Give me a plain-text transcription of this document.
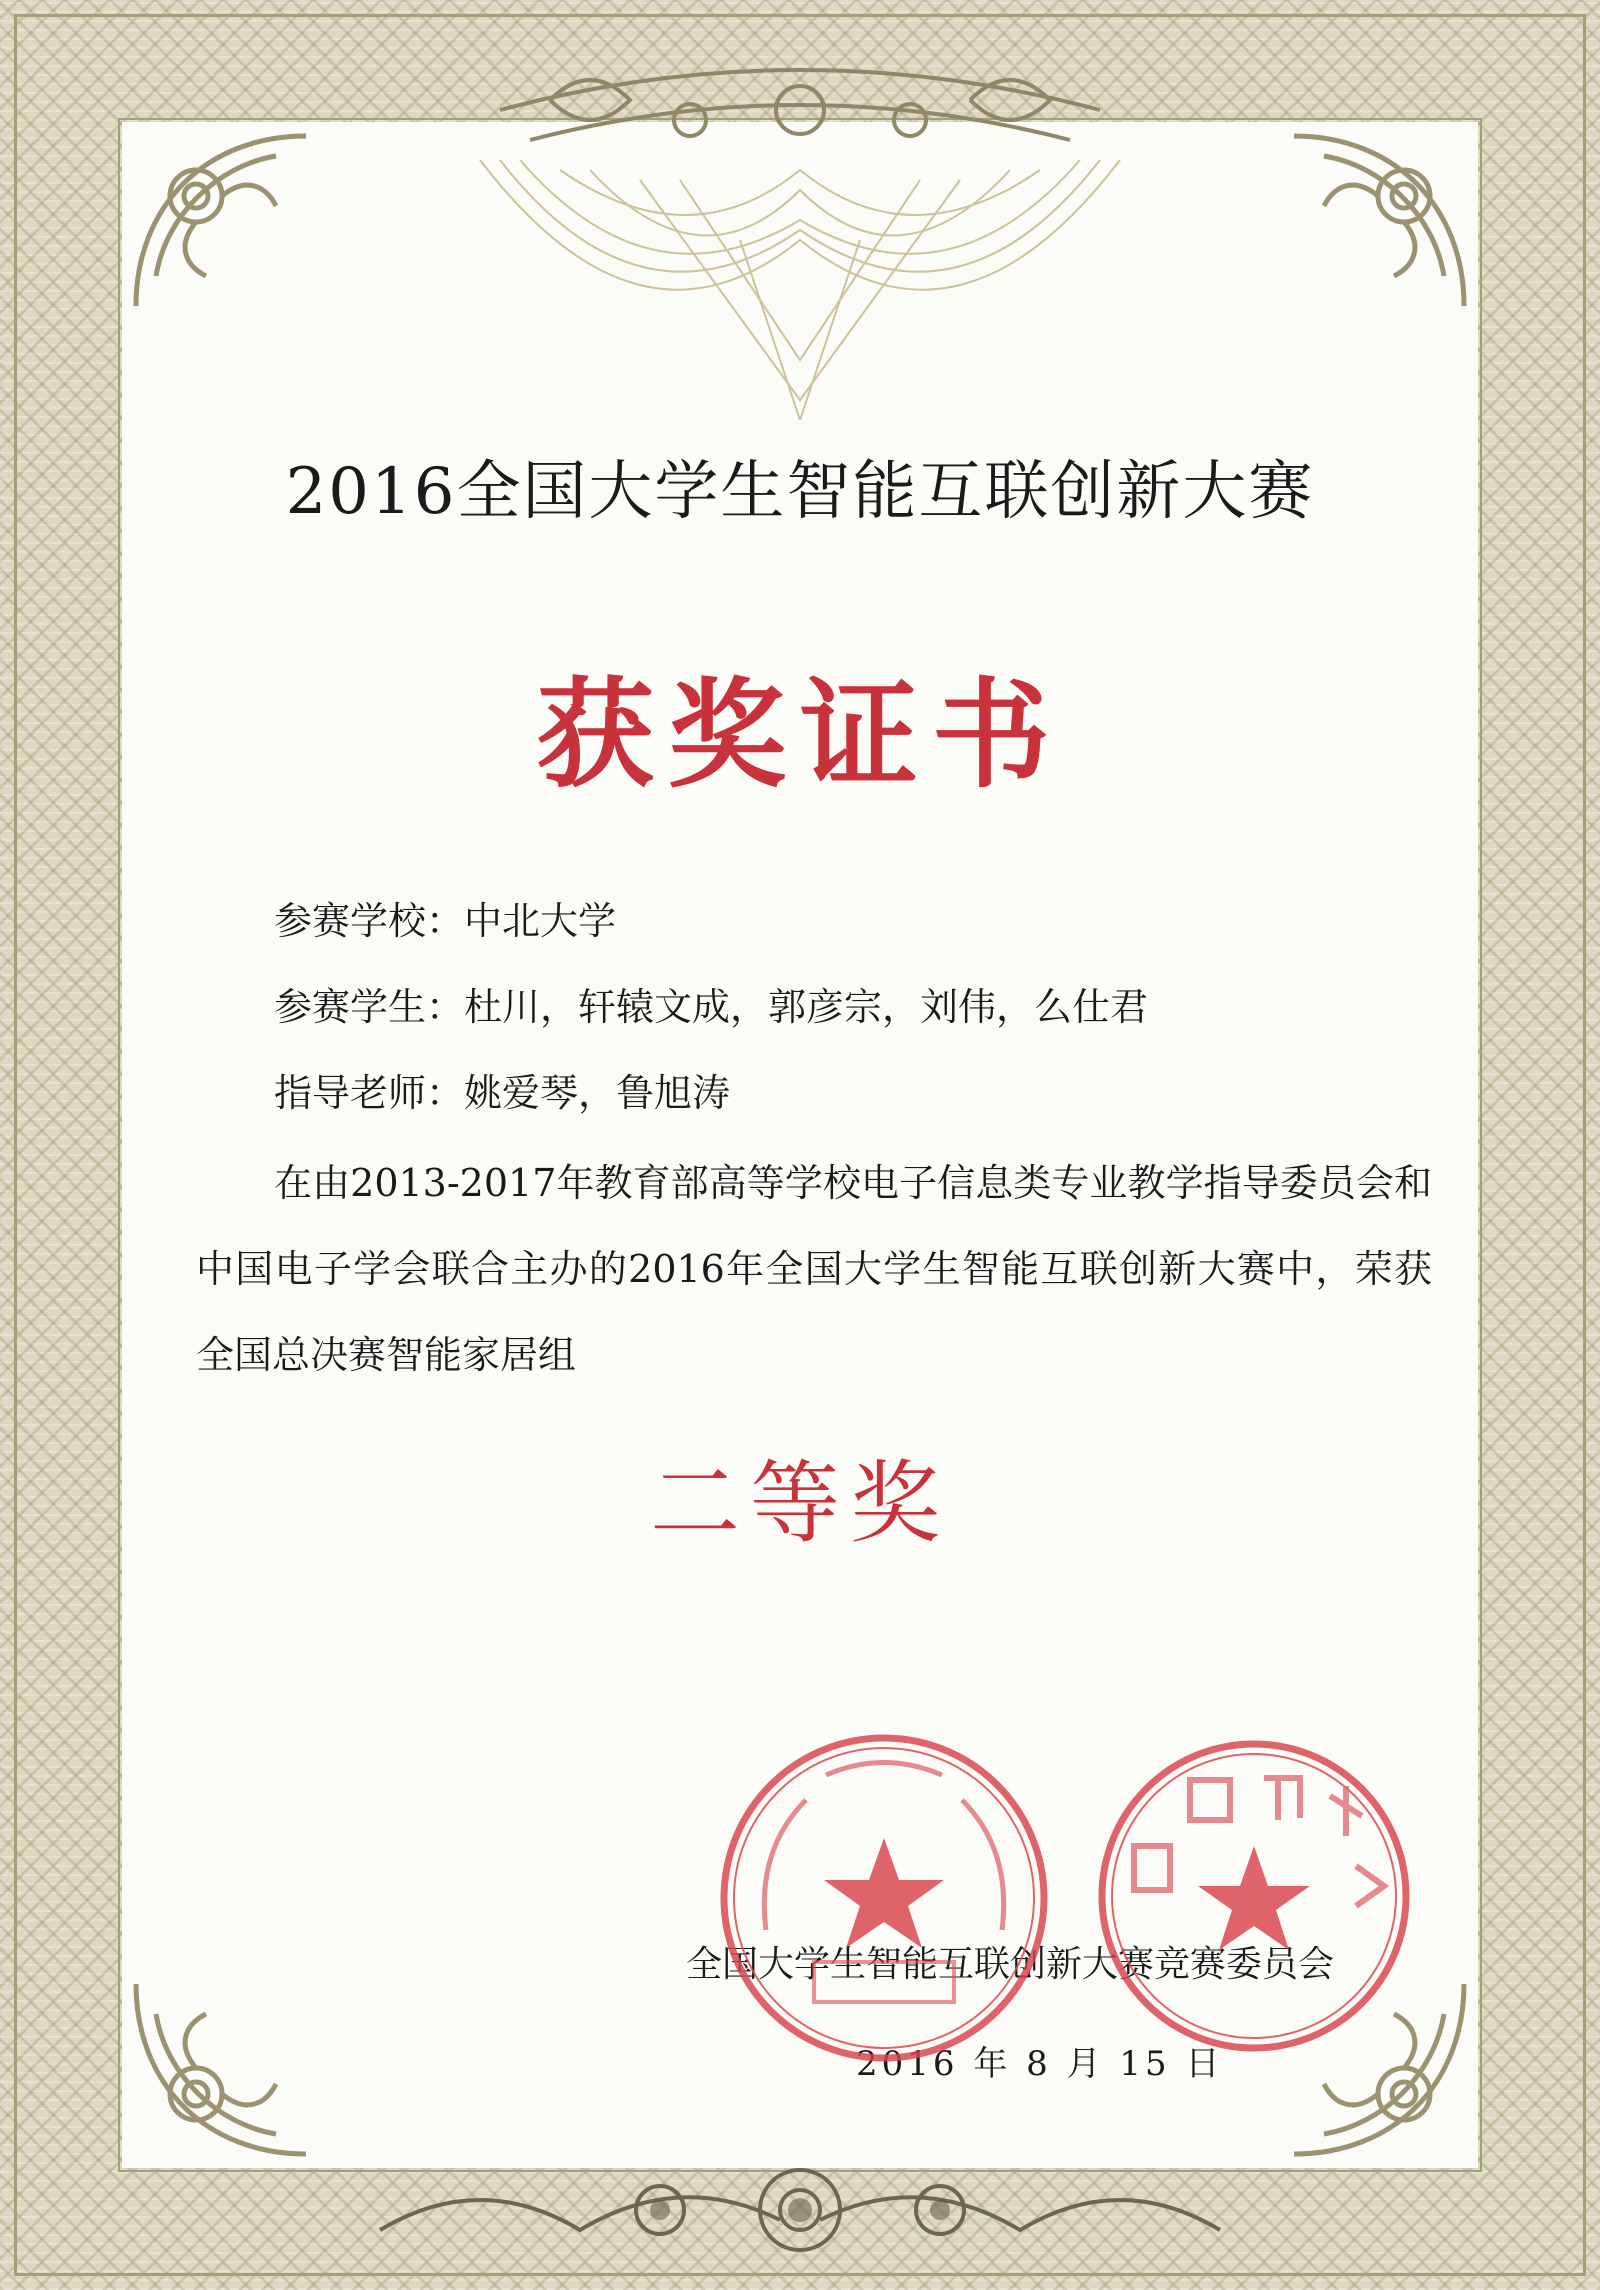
2016全国大学生智能互联创新大赛
获奖证书
参赛学校：中北大学
参赛学生：杜川，轩辕文成，郭彦宗，刘伟，么仕君
指导老师：姚爱琴，鲁旭涛
在由2013-2017年教育部高等学校电子信息类专业教学指导委员会和中国电子学会联合主办的2016年全国大学生智能互联创新大赛中，荣获全国总决赛智能家居组
二等奖
全国大学生智能互联创新大赛竞赛委员会
2016 年 8 月 15 日
